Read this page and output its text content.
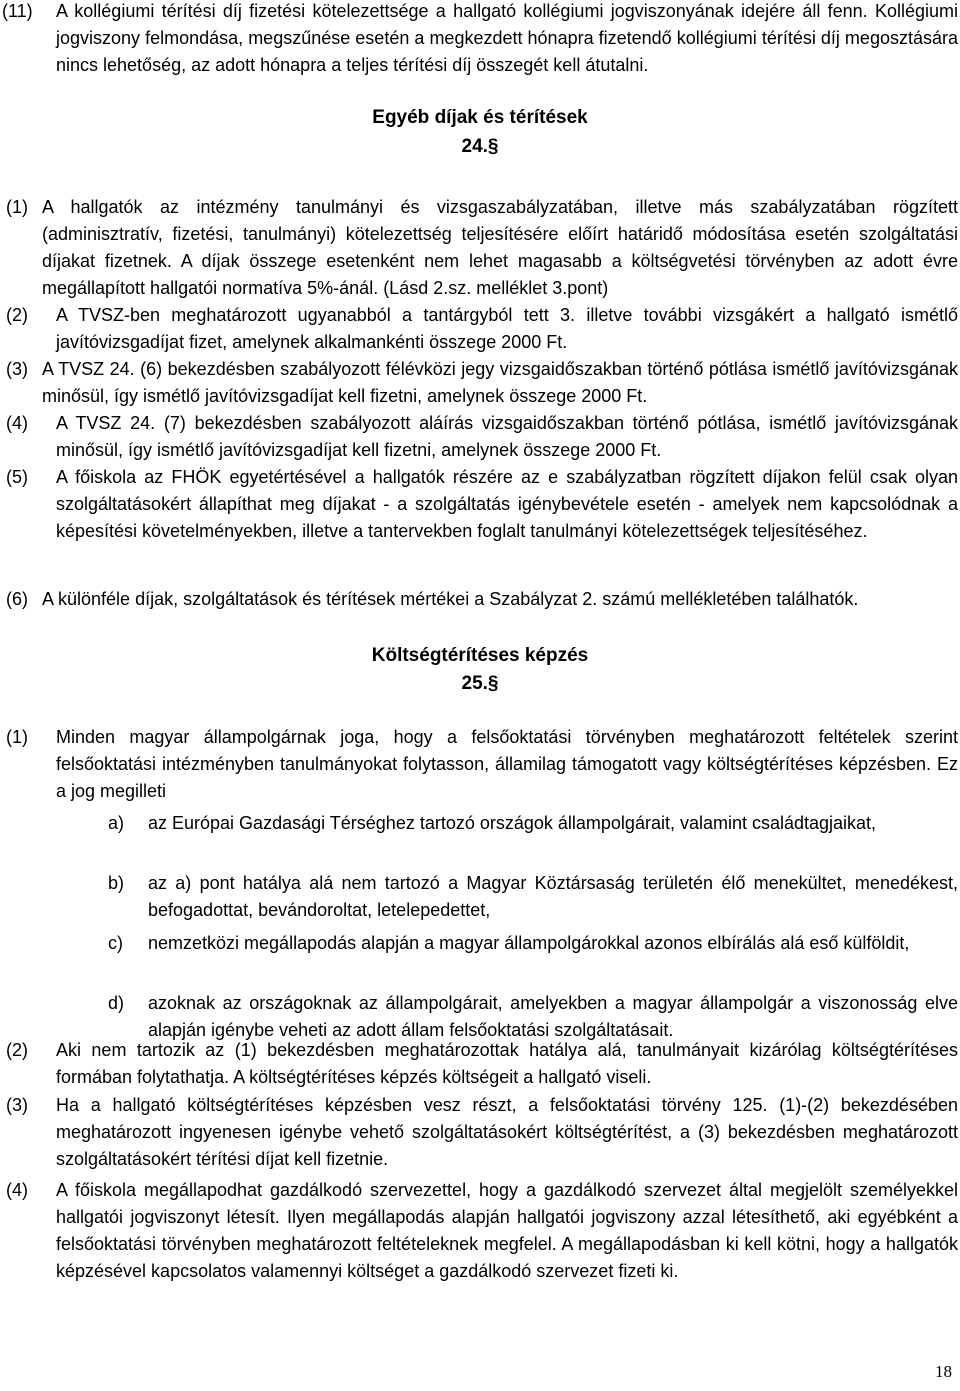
(11)	A kollégiumi térítési díj fizetési kötelezettsége a hallgató kollégiumi jogviszonyának idejére áll fenn. Kollégiumi jogviszony felmondása, megszűnése esetén a megkezdett hónapra fizetendő kollégiumi térítési díj megosztására nincs lehetőség, az adott hónapra a teljes térítési díj összegét kell átutalni.
Egyéb díjak és térítések
24.§
(1) A hallgatók az intézmény tanulmányi és vizsgaszabályzatában, illetve más szabályzatában rögzített (adminisztratív, fizetési, tanulmányi) kötelezettség teljesítésére előírt határidő módosítása esetén szolgáltatási díjakat fizetnek. A díjak összege esetenként nem lehet magasabb a költségvetési törvényben az adott évre megállapított hallgatói normatíva 5%-ánál. (Lásd 2.sz. melléklet 3.pont)
(2)	A TVSZ-ben meghatározott ugyanabból a tantárgyból tett 3. illetve további vizsgákért a hallgató ismétlő javítóvizsgadíjat fizet, amelynek alkalmankénti összege 2000 Ft.
(3) A TVSZ 24. (6) bekezdésben szabályozott félévközi jegy vizsgaidőszakban történő pótlása ismétlő javítóvizsgának minősül, így ismétlő javítóvizsgadíjat kell fizetni, amelynek összege 2000 Ft.
(4)	A TVSZ 24. (7) bekezdésben szabályozott aláírás vizsgaidőszakban történő pótlása, ismétlő javítóvizsgának minősül, így ismétlő javítóvizsgadíjat kell fizetni, amelynek összege 2000 Ft.
(5)	A főiskola az FHÖK egyetértésével a hallgatók részére az e szabályzatban rögzített díjakon felül csak olyan szolgáltatásokért állapíthat meg díjakat - a szolgáltatás igénybevétele esetén - amelyek nem kapcsolódnak a képesítési követelményekben, illetve a tantervekben foglalt tanulmányi kötelezettségek teljesítéséhez.
(6) A különféle díjak, szolgáltatások és térítések mértékei a Szabályzat 2. számú mellékletében találhatók.
Költségtérítéses képzés
25.§
(1)	Minden magyar állampolgárnak joga, hogy a felsőoktatási törvényben meghatározott feltételek szerint felsőoktatási intézményben tanulmányokat folytasson, államilag támogatott vagy költségtérítéses képzésben. Ez a jog megilleti
a)	az Európai Gazdasági Térséghez tartozó országok állampolgárait, valamint családtagjaikat,
b)	az a) pont hatálya alá nem tartozó a Magyar Köztársaság területén élő menekültet, menedékest, befogadottat, bevándoroltat, letelepedettet,
c)	nemzetközi megállapodás alapján a magyar állampolgárokkal azonos elbírálás alá eső külföldit,
d)	azoknak az országoknak az állampolgárait, amelyekben a magyar állampolgár a viszonosság elve alapján igénybe veheti az adott állam felsőoktatási szolgáltatásait.
(2)	Aki nem tartozik az (1) bekezdésben meghatározottak hatálya alá, tanulmányait kizárólag költségtérítéses formában folytathatja. A költségtérítéses képzés költségeit a hallgató viseli.
(3)	Ha a hallgató költségtérítéses képzésben vesz részt, a felsőoktatási törvény 125. (1)-(2) bekezdésében meghatározott ingyenesen igénybe vehető szolgáltatásokért költségtérítést, a (3) bekezdésben meghatározott szolgáltatásokért térítési díjat kell fizetnie.
(4)	A főiskola megállapodhat gazdálkodó szervezettel, hogy a gazdálkodó szervezet által megjelölt személyekkel hallgatói jogviszonyt létesít. Ilyen megállapodás alapján hallgatói jogviszony azzal létesíthető, aki egyébként a felsőoktatási törvényben meghatározott feltételeknek megfelel. A megállapodásban ki kell kötni, hogy a hallgatók képzésével kapcsolatos valamennyi költséget a gazdálkodó szervezet fizeti ki.
18
